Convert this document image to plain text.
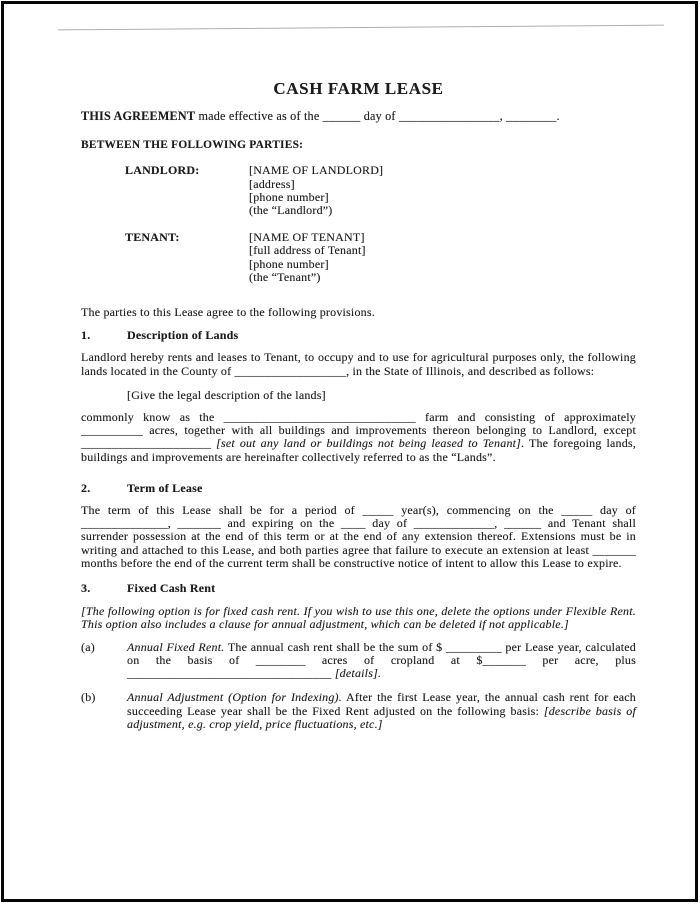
CASH FARM LEASE

THIS AGREEMENT made effective as of the ______ day of ________________, ________.

BETWEEN THE FOLLOWING PARTIES:

LANDLORD:	[NAME OF LANDLORD]
[address]
[phone number]
(the “Landlord”)
TENANT:	[NAME OF TENANT]
[full address of Tenant]
[phone number]
(the “Tenant”)

The parties to this Lease agree to the following provisions.

1.	Description of Lands

Landlord hereby rents and leases to Tenant, to occupy and to use for agricultural purposes only, the following lands located in the County of __________________, in the State of Illinois, and described as follows:

[Give the legal description of the lands]

commonly know as the _______________________________ farm and consisting of approximately __________ acres, together with all buildings and improvements thereon belonging to Landlord, except _____________________ [set out any land or buildings not being leased to Tenant]. The foregoing lands, buildings and improvements are hereinafter collectively referred to as the “Lands”.

2.	Term of Lease

The term of this Lease shall be for a period of _____ year(s), commencing on the _____ day of ______________, _______ and expiring on the ____ day of _____________, ______ and Tenant shall surrender possession at the end of this term or at the end of any extension thereof. Extensions must be in writing and attached to this Lease, and both parties agree that failure to execute an extension at least _______ months before the end of the current term shall be constructive notice of intent to allow this Lease to expire.

3.	Fixed Cash Rent

[The following option is for fixed cash rent. If you wish to use this one, delete the options under Flexible Rent. This option also includes a clause for annual adjustment, which can be deleted if not applicable.]

(a)	Annual Fixed Rent. The annual cash rent shall be the sum of $ _________ per Lease year, calculated on the basis of ________ acres of cropland at $_______ per acre, plus _________________________________ [details].
(b)	Annual Adjustment (Option for Indexing). After the first Lease year, the annual cash rent for each succeeding Lease year shall be the Fixed Rent adjusted on the following basis: [describe basis of adjustment, e.g. crop yield, price fluctuations, etc.]
